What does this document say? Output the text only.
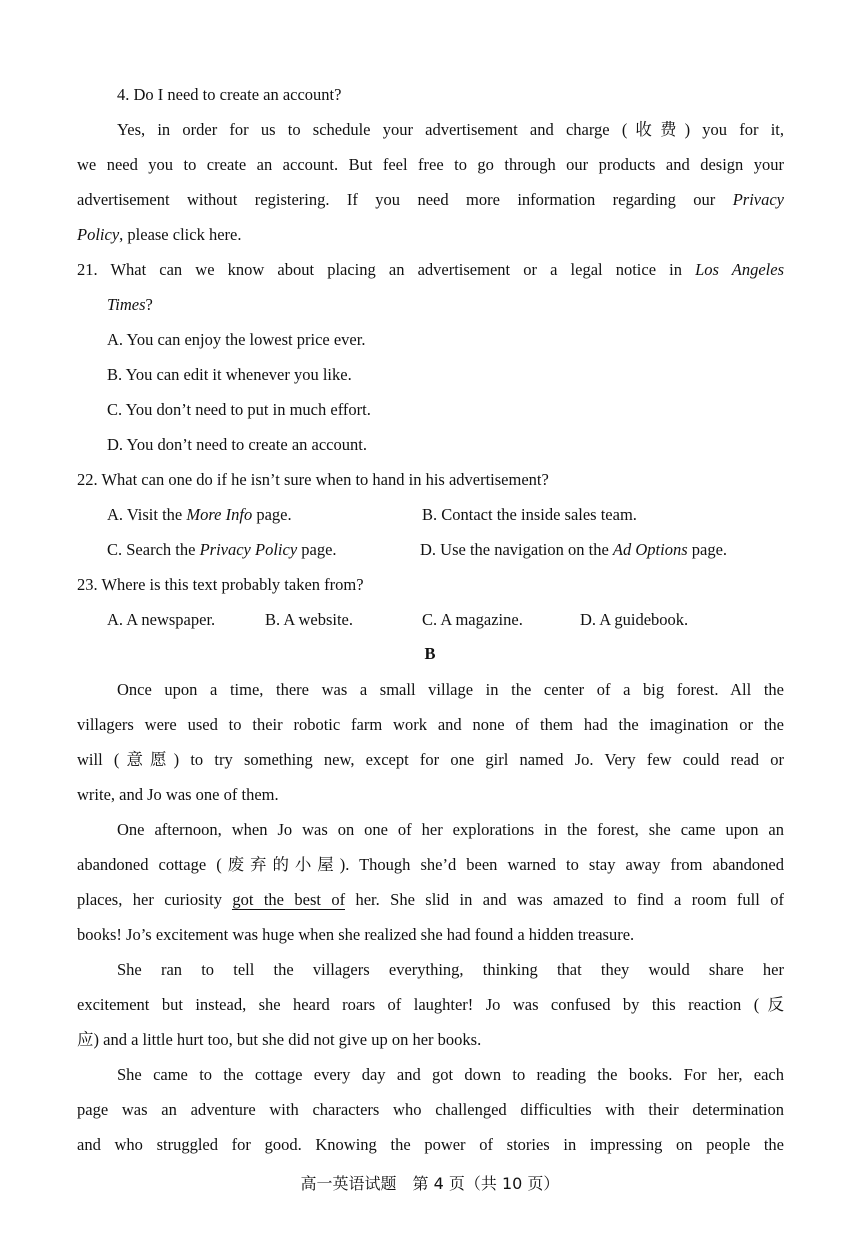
4. Do I need to create an account?
Yes, in order for us to schedule your advertisement and charge (收费) you for it,
we need you to create an account. But feel free to go through our products and design your
advertisement without registering. If you need more information regarding our Privacy
Policy, please click here.
21. What can we know about placing an advertisement or a legal notice in Los Angeles
Times?
A. You can enjoy the lowest price ever.
B. You can edit it whenever you like.
C. You don’t need to put in much effort.
D. You don’t need to create an account.
22. What can one do if he isn’t sure when to hand in his advertisement?
A. Visit the More Info page.	B. Contact the inside sales team.
C. Search the Privacy Policy page.	D. Use the navigation on the Ad Options page.
23. Where is this text probably taken from?
A. A newspaper.	B. A website.	C. A magazine.	D. A guidebook.
B
Once upon a time, there was a small village in the center of a big forest. All the
villagers were used to their robotic farm work and none of them had the imagination or the
will (意愿) to try something new, except for one girl named Jo. Very few could read or
write, and Jo was one of them.
One afternoon, when Jo was on one of her explorations in the forest, she came upon an
abandoned cottage (废弃的小屋). Though she’d been warned to stay away from abandoned
places, her curiosity got the best of her. She slid in and was amazed to find a room full of
books! Jo’s excitement was huge when she realized she had found a hidden treasure.
She ran to tell the villagers everything, thinking that they would share her
excitement but instead, she heard roars of laughter! Jo was confused by this reaction (反
应) and a little hurt too, but she did not give up on her books.
She came to the cottage every day and got down to reading the books. For her, each
page was an adventure with characters who challenged difficulties with their determination
and who struggled for good. Knowing the power of stories in impressing on people the
高一英语试题　第 4 页（共 10 页）
